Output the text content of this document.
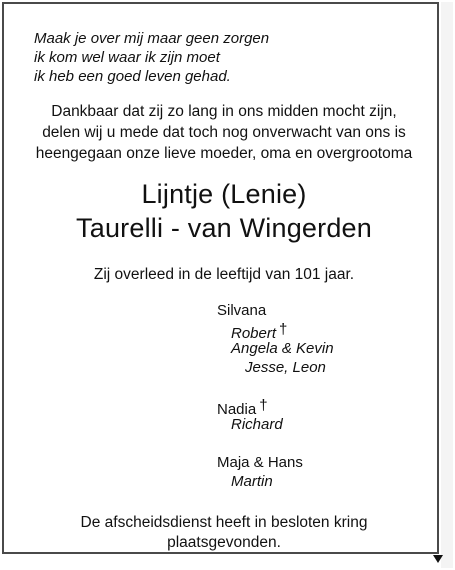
Maak je over mij maar geen zorgen
ik kom wel waar ik zijn moet
ik heb een goed leven gehad.
Dankbaar dat zij zo lang in ons midden mocht zijn,
delen wij u mede dat toch nog onverwacht van ons is
heengegaan onze lieve moeder, oma en overgrootoma
Lijntje (Lenie)
Taurelli - van Wingerden
Zij overleed in de leeftijd van 101 jaar.
Silvana
Robert †
Angela & Kevin
Jesse, Leon
Nadia †
Richard
Maja & Hans
Martin
De afscheidsdienst heeft in besloten kring
plaatsgevonden.
